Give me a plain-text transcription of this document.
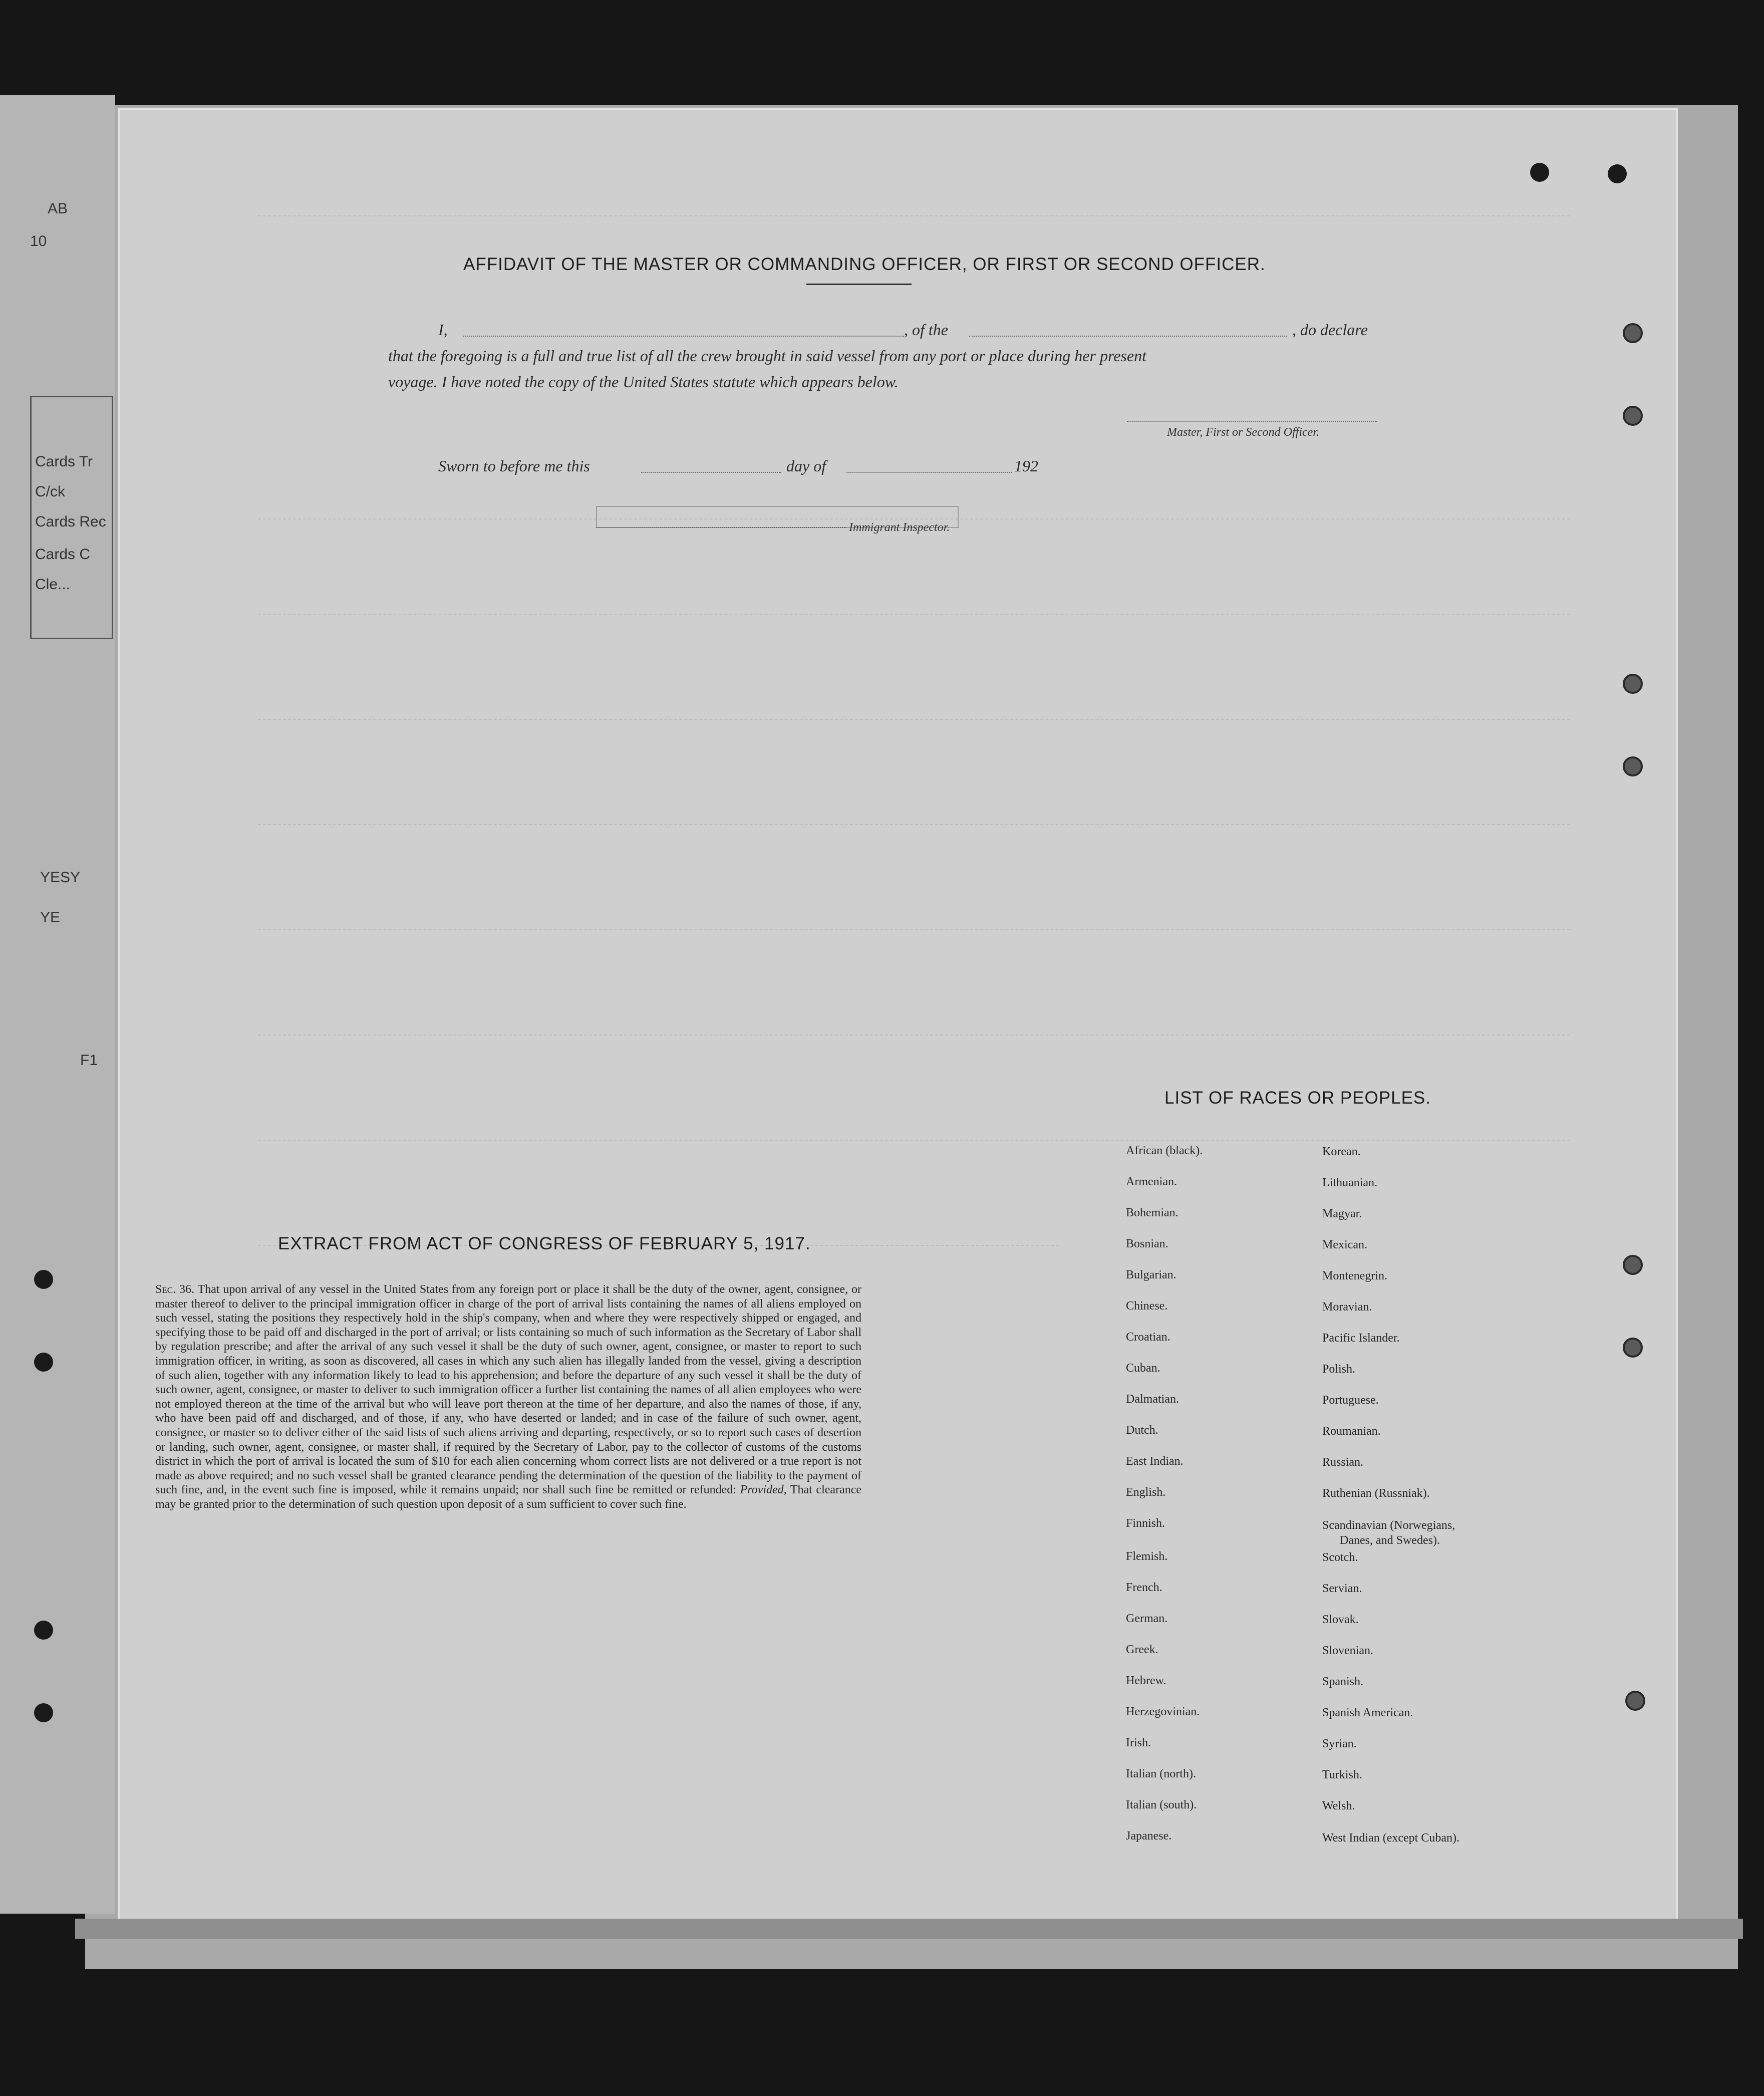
AB
10
Cards Tr
C/ck
Cards Rec
Cards C
Cle...
YESY
YE
F1
AFFIDAVIT OF THE MASTER OR COMMANDING OFFICER, OR FIRST OR SECOND OFFICER.
I,	, of the	, do declare
that the foregoing is a full and true list of all the crew brought in said vessel from any port or place during her present
voyage. I have noted the copy of the United States statute which appears below.
Master, First or Second Officer.
Sworn to before me this	day of	192
Immigrant Inspector.
EXTRACT FROM ACT OF CONGRESS OF FEBRUARY 5, 1917.
Sec. 36. That upon arrival of any vessel in the United States from any foreign port or place it shall be the duty of the owner, agent, consignee, or master thereof to deliver to the principal immigration officer in charge of the port of arrival lists containing the names of all aliens employed on such vessel, stating the positions they respectively hold in the ship's company, when and where they were respectively shipped or engaged, and specifying those to be paid off and discharged in the port of arrival; or lists containing so much of such information as the Secretary of Labor shall by regulation prescribe; and after the arrival of any such vessel it shall be the duty of such owner, agent, consignee, or master to report to such immigration officer, in writing, as soon as discovered, all cases in which any such alien has illegally landed from the vessel, giving a description of such alien, together with any information likely to lead to his apprehension; and before the departure of any such vessel it shall be the duty of such owner, agent, consignee, or master to deliver to such immigration officer a further list containing the names of all alien employees who were not employed thereon at the time of the arrival but who will leave port thereon at the time of her departure, and also the names of those, if any, who have been paid off and discharged, and of those, if any, who have deserted or landed; and in case of the failure of such owner, agent, consignee, or master so to deliver either of the said lists of such aliens arriving and departing, respectively, or so to report such cases of desertion or landing, such owner, agent, consignee, or master shall, if required by the Secretary of Labor, pay to the collector of customs of the customs district in which the port of arrival is located the sum of $10 for each alien concerning whom correct lists are not delivered or a true report is not made as above required; and no such vessel shall be granted clearance pending the determination of the question of the liability to the payment of such fine, and, in the event such fine is imposed, while it remains unpaid; nor shall such fine be remitted or refunded: Provided, That clearance may be granted prior to the determination of such question upon deposit of a sum sufficient to cover such fine.
LIST OF RACES OR PEOPLES.
African (black).
Armenian.
Bohemian.
Bosnian.
Bulgarian.
Chinese.
Croatian.
Cuban.
Dalmatian.
Dutch.
East Indian.
English.
Finnish.
Flemish.
French.
German.
Greek.
Hebrew.
Herzegovinian.
Irish.
Italian (north).
Italian (south).
Japanese.
Korean.
Lithuanian.
Magyar.
Mexican.
Montenegrin.
Moravian.
Pacific Islander.
Polish.
Portuguese.
Roumanian.
Russian.
Ruthenian (Russniak).
Scandinavian (Norwegians,
Danes, and Swedes).
Scotch.
Servian.
Slovak.
Slovenian.
Spanish.
Spanish American.
Syrian.
Turkish.
Welsh.
West Indian (except Cuban).
